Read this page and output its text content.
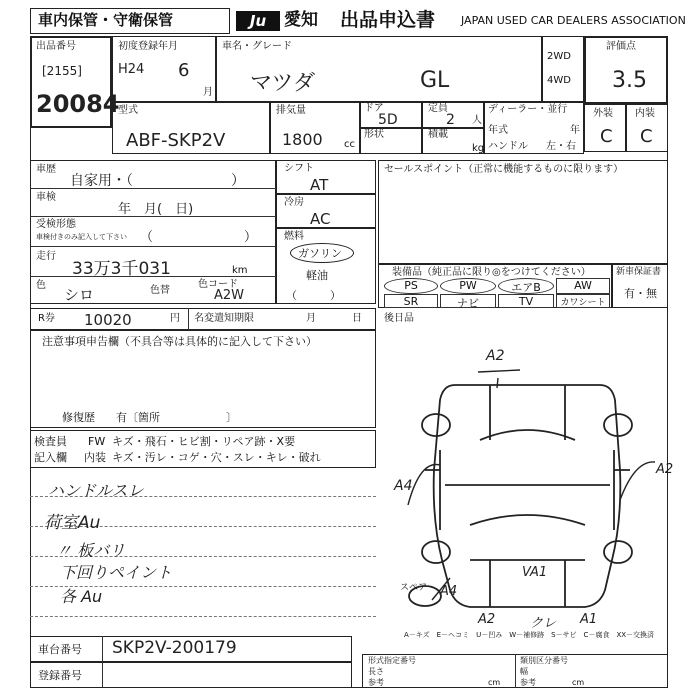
車内保管・守衛保管	Ju	愛知 出品申込書 JAPAN USED CAR DEALERS ASSOCIATION
出品番号
[2155]
20084
初度登録年月
H24 6
月
車名・グレード
マツダ	GL
2WD
4WD
評価点
3.5
外装 内装
C C
型式
ABF-SKP2V
排気量
1800 cc
ドア
5D
定員
2 人
形状	積載
kg
ディーラー・並行
年式	年
ハンドル 左・右
車歴
自家用・（　　　　　　　）
車検
年　月(　日)
受検形態
車検付きのみ記入して下さい （　　　　　　　）
走行
33万3千031	km
色
シロ	色替
色コード
A2W
シフト
AT
冷房
AC
燃料
ガソリン
軽油
（　　　）
セールスポイント（正常に機能するものに限ります）
装備品（純正品に限り◎をつけてください）
PS	PW	エアB	AW
SR	ナビ	TV	カワシート
新車保証書
有・無
R券 10020	円 名変遣知期限	月	日
注意事項申告欄（不具合等は具体的に記入して下さい）
修復歴 有〔箇所　　　　　　〕
後日品
検査員
記入欄
FW キズ・飛石・ヒビ割・リペア跡・X要
内装 キズ・汚レ・コゲ・穴・スレ・キレ・破れ
ハンドルスレ
荷室Au
〃 板バリ
下回りペイント
各 Au
A2
A4
A2
A4
VA1
A2	A1
クレ
スペア
A－キズ　E－ヘコミ　U－凹み　W－補修跡　S－サビ　C－腐食　XX－交換済
車台番号 SKP2V-200179
登録番号
形式指定番号
長さ
参考	cm
類別区分番号
幅
参考	cm
